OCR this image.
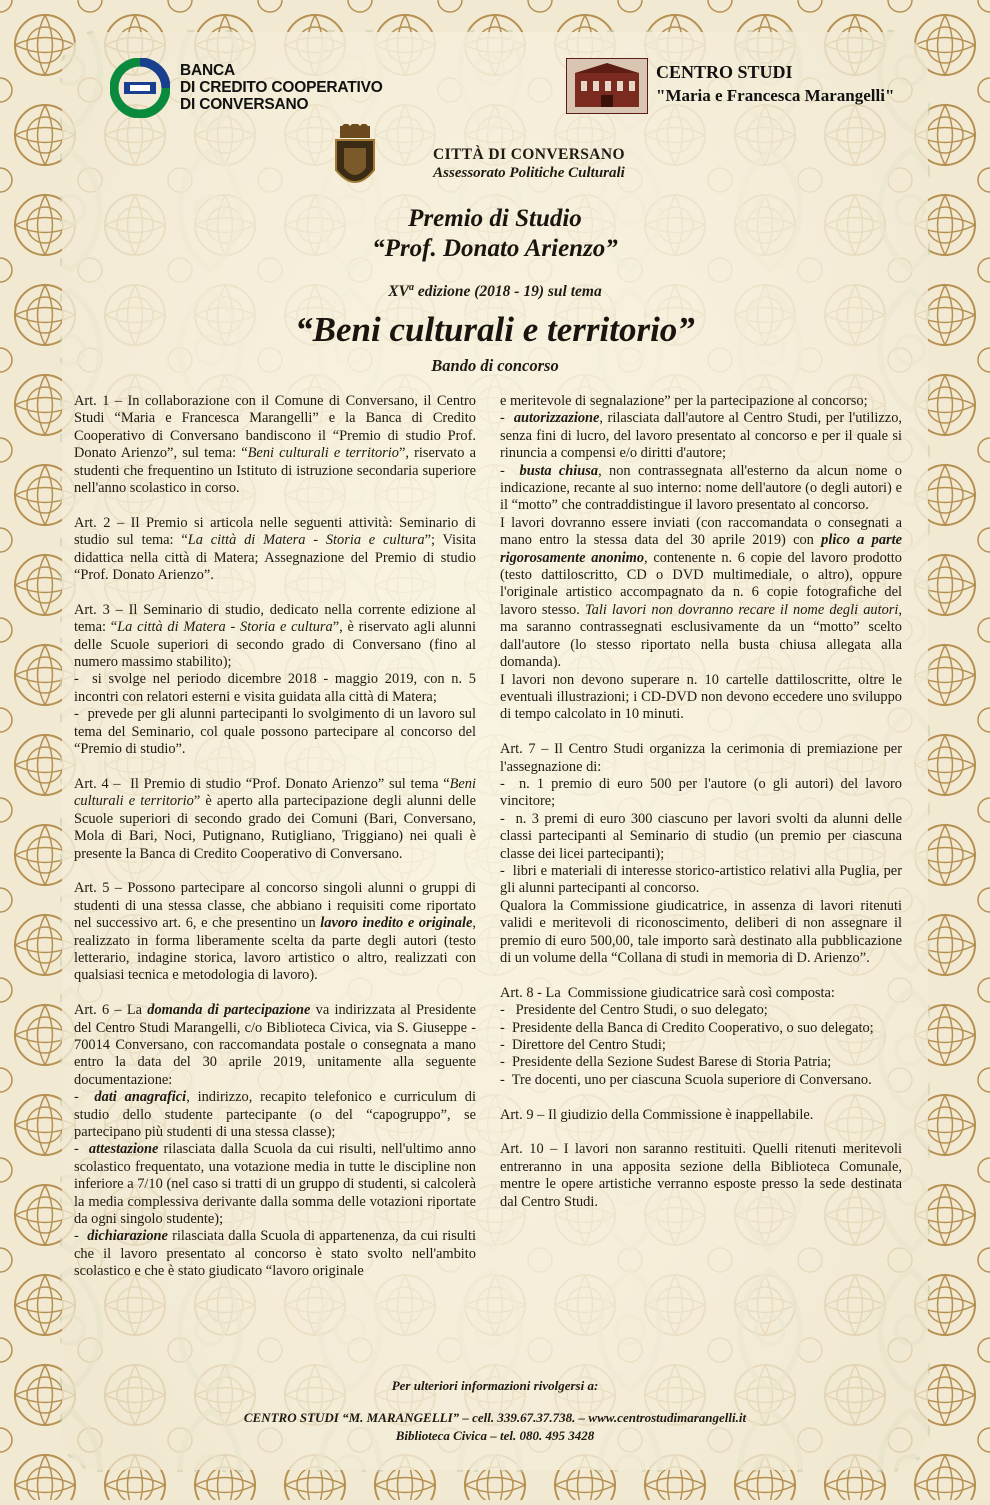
BANCA
DI CREDITO COOPERATIVO
DI CONVERSANO
CENTRO STUDI
"Maria e Francesca Marangelli"
CITTÀ DI CONVERSANO
Assessorato Politiche Culturali
Premio di Studio
“Prof. Donato Arienzo”
$XV^a$ edizione (2018 - 19) sul tema
“Beni culturali e territorio”
Bando di concorso

Art. 1 – In collaborazione con il Comune di Conversano, il Centro Studi “Maria e Francesca Marangelli” e la Banca di Credito Cooperativo di Conversano bandiscono il “Premio di studio Prof. Donato Arienzo”, sul tema: “Beni culturali e territorio”, riservato a studenti che frequentino un Istituto di istruzione secondaria superiore nell'anno scolastico in corso.

Art. 2 – Il Premio si articola nelle seguenti attività: Seminario di studio sul tema: “La città di Matera - Storia e cultura”; Visita didattica nella città di Matera; Assegnazione del Premio di studio “Prof. Donato Arienzo”.

Art. 3 – Il Seminario di studio, dedicato nella corrente edizione al tema: “La città di Matera - Storia e cultura”, è riservato agli alunni delle Scuole superiori di secondo grado di Conversano (fino al numero massimo stabilito);
-  si svolge nel periodo dicembre 2018 - maggio 2019, con n. 5 incontri con relatori esterni e visita guidata alla città di Matera;
-  prevede per gli alunni partecipanti lo svolgimento di un lavoro sul tema del Seminario, col quale possono partecipare al concorso del “Premio di studio”.

Art. 4 –  Il Premio di studio “Prof. Donato Arienzo” sul tema “Beni culturali e territorio” è aperto alla partecipazione degli alunni delle Scuole superiori di secondo grado dei Comuni (Bari, Conversano, Mola di Bari, Noci, Putignano, Rutigliano, Triggiano) nei quali è presente la Banca di Credito Cooperativo di Conversano.

Art. 5 – Possono partecipare al concorso singoli alunni o gruppi di studenti di una stessa classe, che abbiano i requisiti come riportato nel successivo art. 6, e che presentino un lavoro inedito e originale, realizzato in forma liberamente scelta da parte degli autori (testo letterario, indagine storica, lavoro artistico o altro, realizzati con qualsiasi tecnica e metodologia di lavoro).

Art. 6 – La domanda di partecipazione va indirizzata al Presidente del Centro Studi Marangelli, c/o Biblioteca Civica, via S. Giuseppe - 70014 Conversano, con raccomandata postale o consegnata a mano entro la data del 30 aprile 2019, unitamente alla seguente documentazione:
-  dati anagrafici, indirizzo, recapito telefonico e curriculum di studio dello studente partecipante (o del “capogruppo”, se partecipano più studenti di una stessa classe);
-  attestazione rilasciata dalla Scuola da cui risulti, nell'ultimo anno scolastico frequentato, una votazione media in tutte le discipline non inferiore a 7/10 (nel caso si tratti di un gruppo di studenti, si calcolerà la media complessiva derivante dalla somma delle votazioni riportate da ogni singolo studente);
-  dichiarazione rilasciata dalla Scuola di appartenenza, da cui risulti che il lavoro presentato al concorso è stato svolto nell'ambito scolastico e che è stato giudicato “lavoro originale

e meritevole di segnalazione” per la partecipazione al concorso;
-  autorizzazione, rilasciata dall'autore al Centro Studi, per l'utilizzo, senza fini di lucro, del lavoro presentato al concorso e per il quale si rinuncia a compensi e/o diritti d'autore;
-  busta chiusa, non contrassegnata all'esterno da alcun nome o indicazione, recante al suo interno: nome dell'autore (o degli autori) e il “motto” che contraddistingue il lavoro presentato al concorso.
I lavori dovranno essere inviati (con raccomandata o consegnati a mano entro la stessa data del 30 aprile 2019) con plico a parte rigorosamente anonimo, contenente n. 6 copie del lavoro prodotto (testo dattiloscritto, CD o DVD multimediale, o altro), oppure l'originale artistico accompagnato da n. 6 copie fotografiche del lavoro stesso. Tali lavori non dovranno recare il nome degli autori, ma saranno contrassegnati esclusivamente da un “motto” scelto dall'autore (lo stesso riportato nella busta chiusa allegata alla domanda).
I lavori non devono superare n. 10 cartelle dattiloscritte, oltre le eventuali illustrazioni; i CD-DVD non devono eccedere uno sviluppo di tempo calcolato in 10 minuti.

Art. 7 – Il Centro Studi organizza la cerimonia di premiazione per l'assegnazione di:
-  n. 1 premio di euro 500 per l'autore (o gli autori) del lavoro vincitore;
-  n. 3 premi di euro 300 ciascuno per lavori svolti da alunni delle classi partecipanti al Seminario di studio (un premio per ciascuna classe dei licei partecipanti);
-  libri e materiali di interesse storico-artistico relativi alla Puglia, per gli alunni partecipanti al concorso.
Qualora la Commissione giudicatrice, in assenza di lavori ritenuti validi e meritevoli di riconoscimento, deliberi di non assegnare il premio di euro 500,00, tale importo sarà destinato alla pubblicazione di un volume della “Collana di studi in memoria di D. Arienzo”.

Art. 8 - La  Commissione giudicatrice sarà così composta:
-   Presidente del Centro Studi, o suo delegato;
-  Presidente della Banca di Credito Cooperativo, o suo delegato;
-  Direttore del Centro Studi;
-  Presidente della Sezione Sudest Barese di Storia Patria;
-  Tre docenti, uno per ciascuna Scuola superiore di Conversano.

Art. 9 – Il giudizio della Commissione è inappellabile.

Art. 10 – I lavori non saranno restituiti. Quelli ritenuti meritevoli entreranno in una apposita sezione della Biblioteca Comunale, mentre le opere artistiche verranno esposte presso la sede destinata dal Centro Studi.

Per ulteriori informazioni rivolgersi a:
CENTRO STUDI “M. MARANGELLI” – cell. 339.67.37.738. – www.centrostudimarangelli.it
Biblioteca Civica – tel. 080. 495 3428
